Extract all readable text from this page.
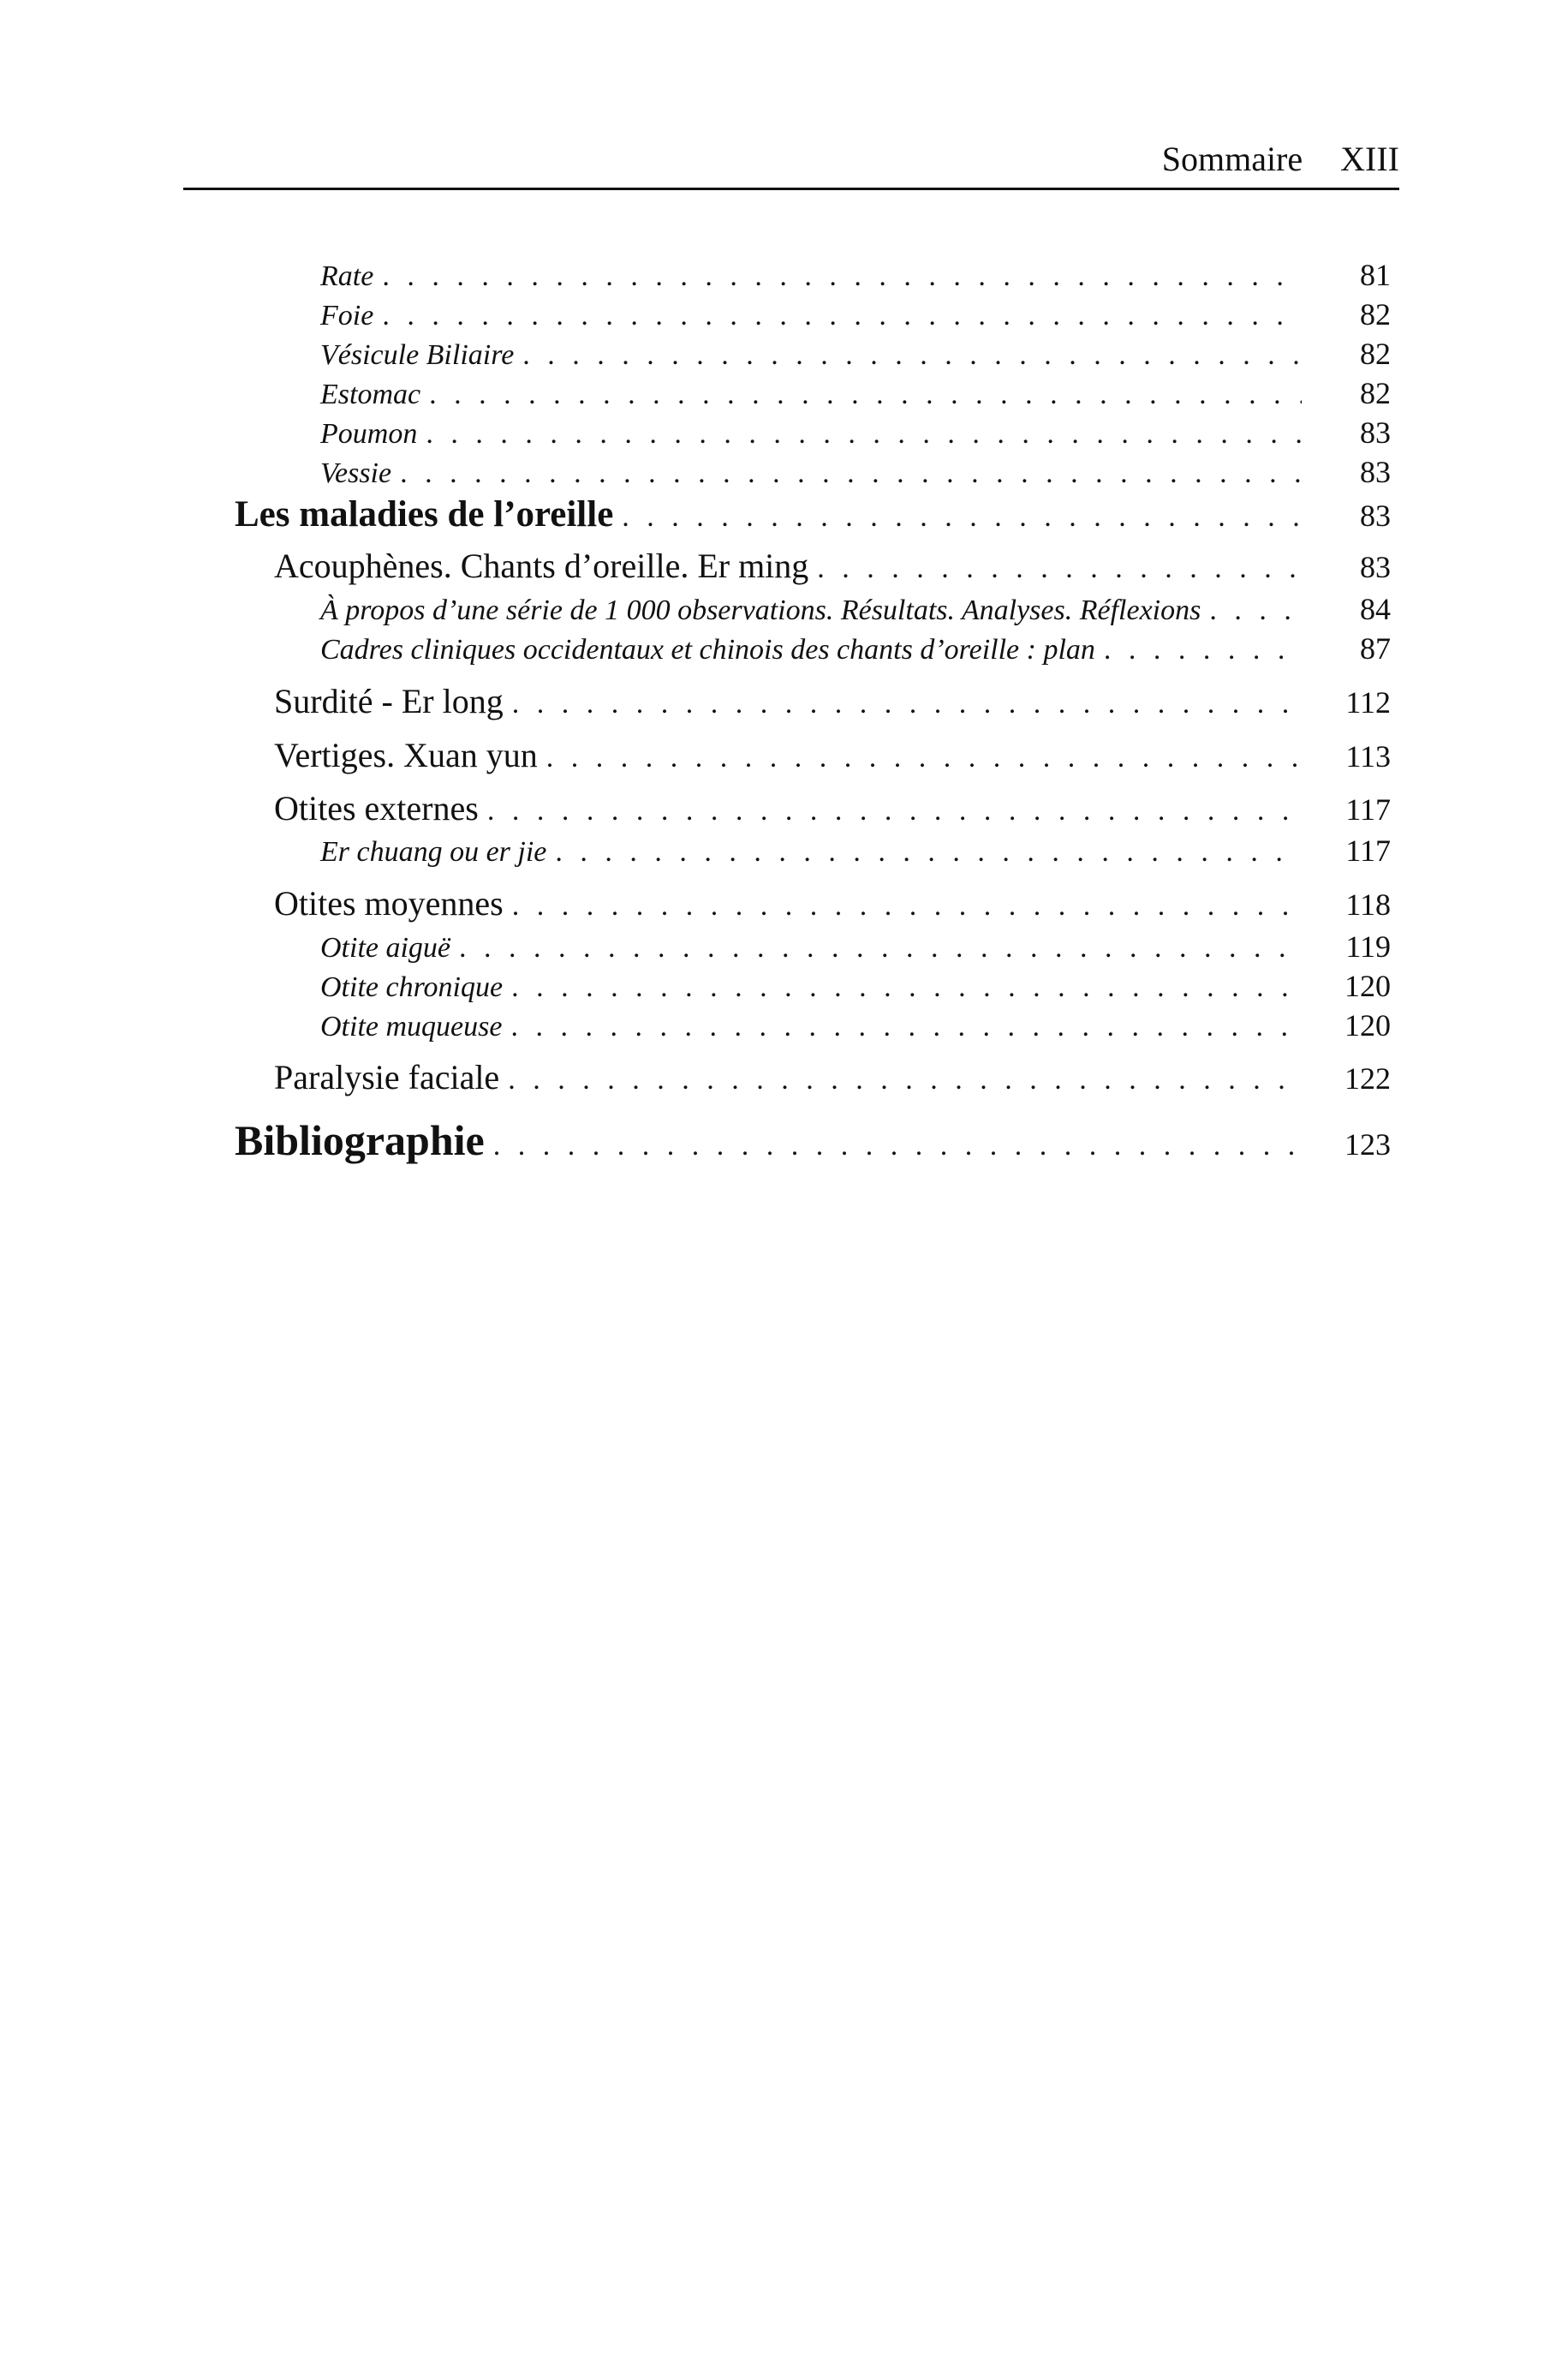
Sommaire XIII
Rate . . .	81
Foie . . .	82
Vésicule Biliaire . . .	82
Estomac . . .	82
Poumon . . .	83
Vessie . . .	83
Les maladies de l’oreille . . .	83
Acouphènes. Chants d’oreille. Er ming . . .	83
À propos d’une série de 1 000 observations. Résultats. Analyses. Réflexions . . .	84
Cadres cliniques occidentaux et chinois des chants d’oreille : plan . . .	87
Surdité - Er long . . .	112
Vertiges. Xuan yun . . .	113
Otites externes . . .	117
Er chuang ou er jie . . .	117
Otites moyennes . . .	118
Otite aiguë . . .	119
Otite chronique . . .	120
Otite muqueuse . . .	120
Paralysie faciale . . .	122
Bibliographie . . .	123
